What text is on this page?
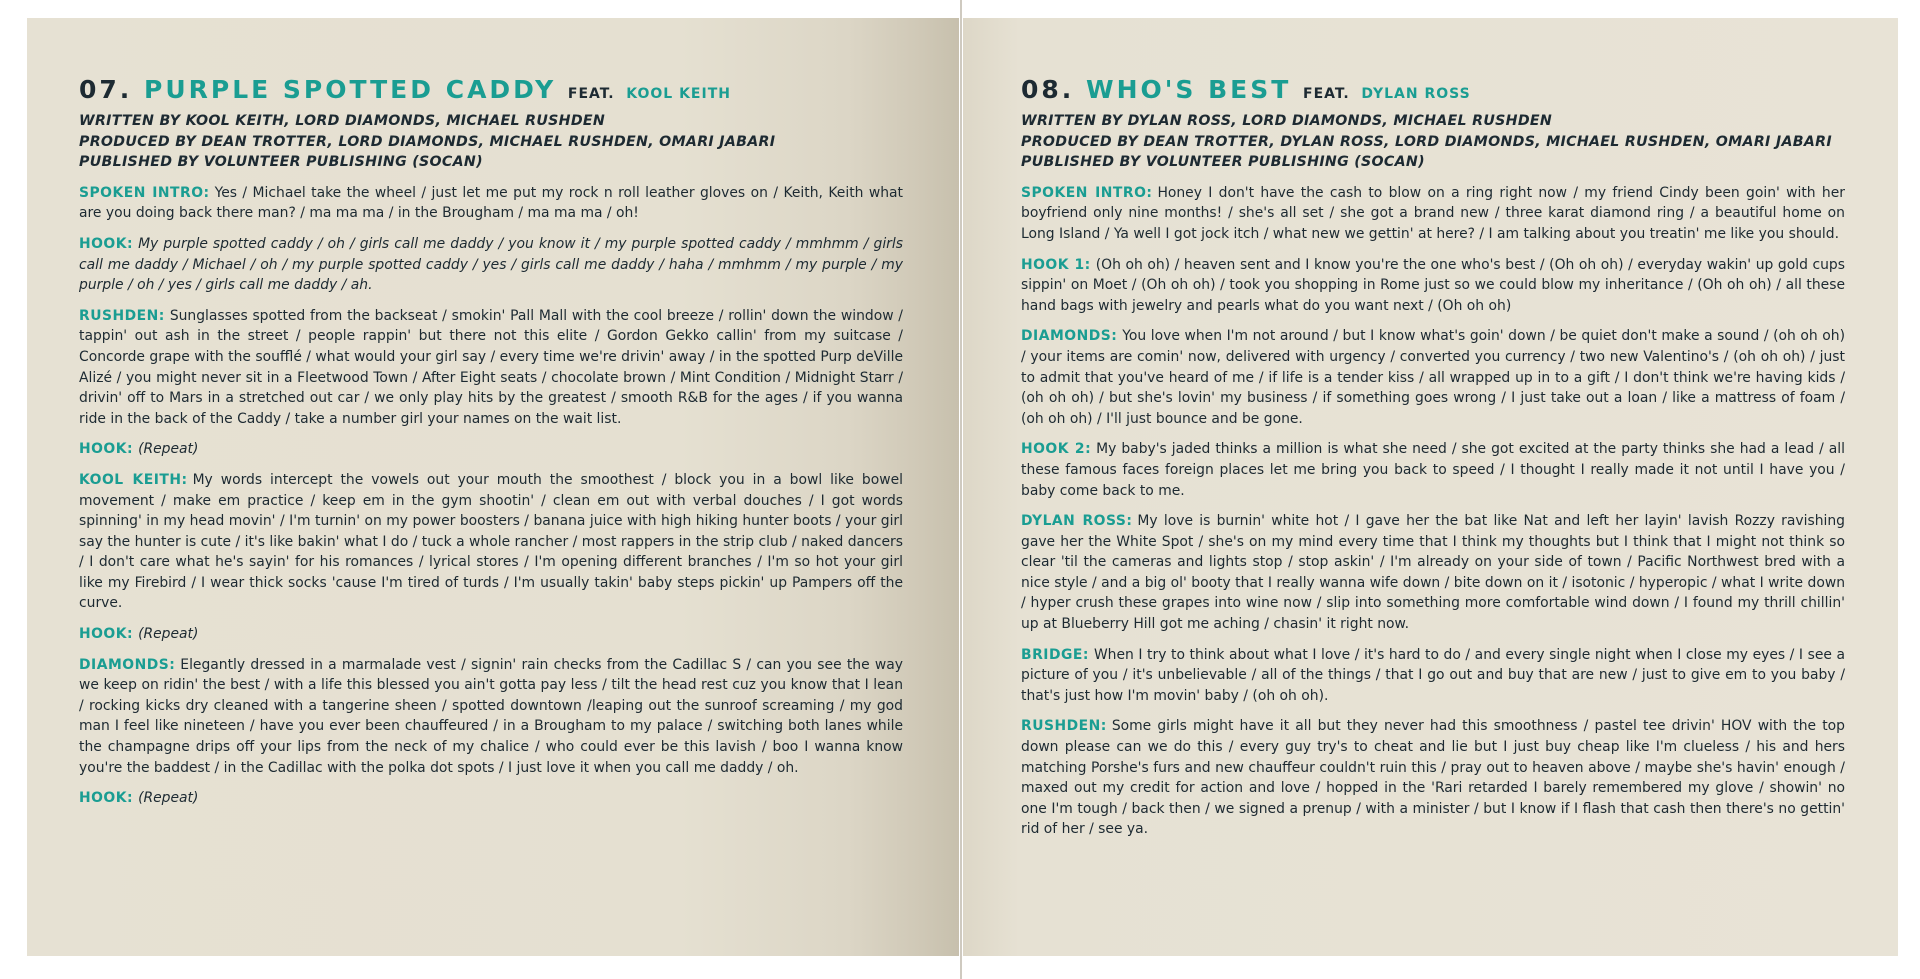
07. PURPLE SPOTTED CADDY FEAT. KOOL KEITH

WRITTEN BY KOOL KEITH, LORD DIAMONDS, MICHAEL RUSHDEN

PRODUCED BY DEAN TROTTER, LORD DIAMONDS, MICHAEL RUSHDEN, OMARI JABARI

PUBLISHED BY VOLUNTEER PUBLISHING (SOCAN)

SPOKEN INTRO: Yes / Michael take the wheel / just let me put my rock n roll leather gloves on / Keith, Keith what are you doing back there man? / ma ma ma / in the Brougham / ma ma ma / oh!

HOOK: My purple spotted caddy / oh / girls call me daddy / you know it / my purple spotted caddy / mmhmm / girls call me daddy / Michael / oh / my purple spotted caddy / yes / girls call me daddy / haha / mmhmm / my purple / my purple / oh / yes / girls call me daddy / ah.

RUSHDEN: Sunglasses spotted from the backseat / smokin' Pall Mall with the cool breeze / rollin' down the window / tappin' out ash in the street / people rappin' but there not this elite / Gordon Gekko callin' from my suitcase / Concorde grape with the soufflé / what would your girl say / every time we're drivin' away / in the spotted Purp deVille Alizé / you might never sit in a Fleetwood Town / After Eight seats / chocolate brown / Mint Condition / Midnight Starr / drivin' off to Mars in a stretched out car / we only play hits by the greatest / smooth R&B for the ages / if you wanna ride in the back of the Caddy / take a number girl your names on the wait list.

HOOK: (Repeat)

KOOL KEITH: My words intercept the vowels out your mouth the smoothest / block you in a bowl like bowel movement / make em practice / keep em in the gym shootin' / clean em out with verbal douches / I got words spinning' in my head movin' / I'm turnin' on my power boosters / banana juice with high hiking hunter boots / your girl say the hunter is cute / it's like bakin' what I do / tuck a whole rancher / most rappers in the strip club / naked dancers / I don't care what he's sayin' for his romances / lyrical stores / I'm opening different branches / I'm so hot your girl like my Firebird / I wear thick socks 'cause I'm tired of turds / I'm usually takin' baby steps pickin' up Pampers off the curve.

HOOK: (Repeat)

DIAMONDS: Elegantly dressed in a marmalade vest / signin' rain checks from the Cadillac S / can you see the way we keep on ridin' the best / with a life this blessed you ain't gotta pay less / tilt the head rest cuz you know that I lean / rocking kicks dry cleaned with a tangerine sheen / spotted downtown /leaping out the sunroof screaming / my god man I feel like nineteen / have you ever been chauffeured / in a Brougham to my palace / switching both lanes while the champagne drips off your lips from the neck of my chalice / who could ever be this lavish / boo I wanna know you're the baddest / in the Cadillac with the polka dot spots / I just love it when you call me daddy / oh.

HOOK: (Repeat)

08. WHO'S BEST FEAT. DYLAN ROSS

WRITTEN BY DYLAN ROSS, LORD DIAMONDS, MICHAEL RUSHDEN

PRODUCED BY DEAN TROTTER, DYLAN ROSS, LORD DIAMONDS, MICHAEL RUSHDEN, OMARI JABARI

PUBLISHED BY VOLUNTEER PUBLISHING (SOCAN)

SPOKEN INTRO: Honey I don't have the cash to blow on a ring right now / my friend Cindy been goin' with her boyfriend only nine months! / she's all set / she got a brand new / three karat diamond ring / a beautiful home on Long Island / Ya well I got jock itch / what new we gettin' at here? / I am talking about you treatin' me like you should.

HOOK 1: (Oh oh oh) / heaven sent and I know you're the one who's best / (Oh oh oh) / everyday wakin' up gold cups sippin' on Moet / (Oh oh oh) / took you shopping in Rome just so we could blow my inheritance / (Oh oh oh) / all these hand bags with jewelry and pearls what do you want next / (Oh oh oh)

DIAMONDS: You love when I'm not around / but I know what's goin' down / be quiet don't make a sound / (oh oh oh) / your items are comin' now, delivered with urgency / converted you currency / two new Valentino's / (oh oh oh) / just to admit that you've heard of me / if life is a tender kiss / all wrapped up in to a gift / I don't think we're having kids / (oh oh oh) / but she's lovin' my business / if something goes wrong / I just take out a loan / like a mattress of foam / (oh oh oh) / I'll just bounce and be gone.

HOOK 2: My baby's jaded thinks a million is what she need / she got excited at the party thinks she had a lead / all these famous faces foreign places let me bring you back to speed / I thought I really made it not until I have you / baby come back to me.

DYLAN ROSS: My love is burnin' white hot / I gave her the bat like Nat and left her layin' lavish Rozzy ravishing gave her the White Spot / she's on my mind every time that I think my thoughts but I think that I might not think so clear 'til the cameras and lights stop / stop askin' / I'm already on your side of town / Pacific Northwest bred with a nice style / and a big ol' booty that I really wanna wife down / bite down on it / isotonic / hyperopic / what I write down / hyper crush these grapes into wine now / slip into something more comfortable wind down / I found my thrill chillin' up at Blueberry Hill got me aching / chasin' it right now.

BRIDGE: When I try to think about what I love / it's hard to do / and every single night when I close my eyes / I see a picture of you / it's unbelievable / all of the things / that I go out and buy that are new / just to give em to you baby / that's just how I'm movin' baby / (oh oh oh).

RUSHDEN: Some girls might have it all but they never had this smoothness / pastel tee drivin' HOV with the top down please can we do this / every guy try's to cheat and lie but I just buy cheap like I'm clueless / his and hers matching Porshe's furs and new chauffeur couldn't ruin this / pray out to heaven above / maybe she's havin' enough / maxed out my credit for action and love / hopped in the 'Rari retarded I barely remembered my glove / showin' no one I'm tough / back then / we signed a prenup / with a minister / but I know if I flash that cash then there's no gettin' rid of her / see ya.
